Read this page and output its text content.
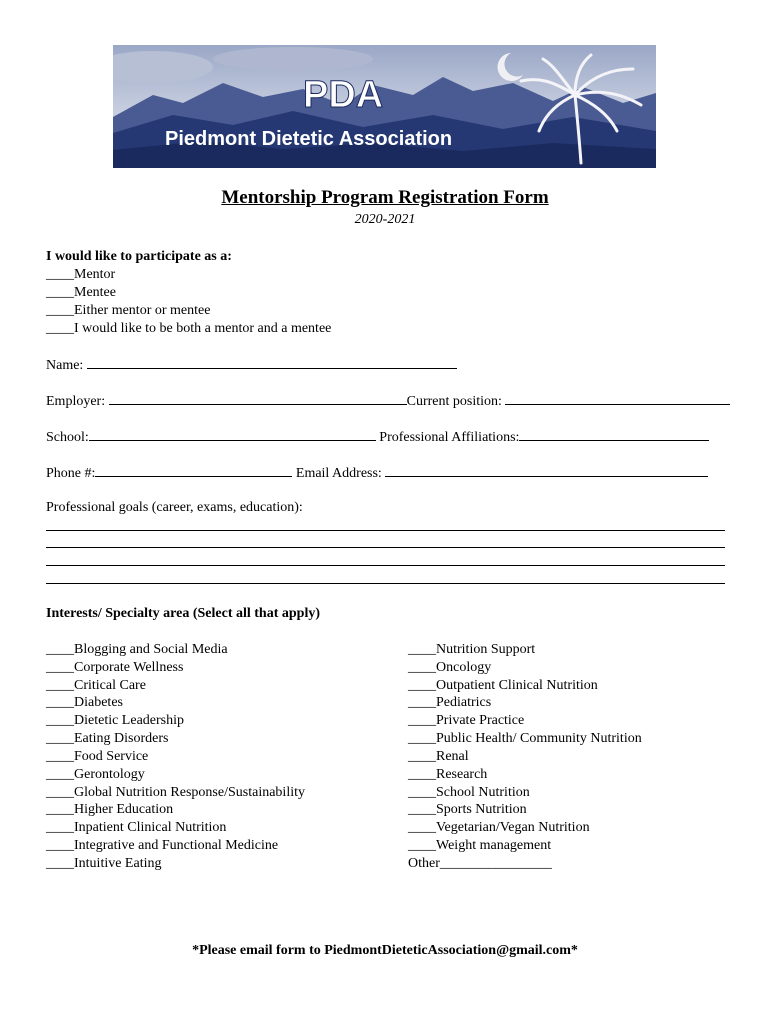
PDA
Piedmont Dietetic Association
Mentorship Program Registration Form
2020-2021
I would like to participate as a:
____Mentor
____Mentee
____Either mentor or mentee
____I would like to be both a mentor and a mentee
Name:
Employer:	Current position:
School:	Professional Affiliations:
Phone #:	Email Address:
Professional goals (career, exams, education):
Interests/ Specialty area (Select all that apply)
____Blogging and Social Media
____Corporate Wellness
____Critical Care
____Diabetes
____Dietetic Leadership
____Eating Disorders
____Food Service
____Gerontology
____Global Nutrition Response/Sustainability
____Higher Education
____Inpatient Clinical Nutrition
____Integrative and Functional Medicine
____Intuitive Eating
____Nutrition Support
____Oncology
____Outpatient Clinical Nutrition
____Pediatrics
____Private Practice
____Public Health/ Community Nutrition
____Renal
____Research
____School Nutrition
____Sports Nutrition
____Vegetarian/Vegan Nutrition
____Weight management
Other________________
*Please email form to PiedmontDieteticAssociation@gmail.com*
